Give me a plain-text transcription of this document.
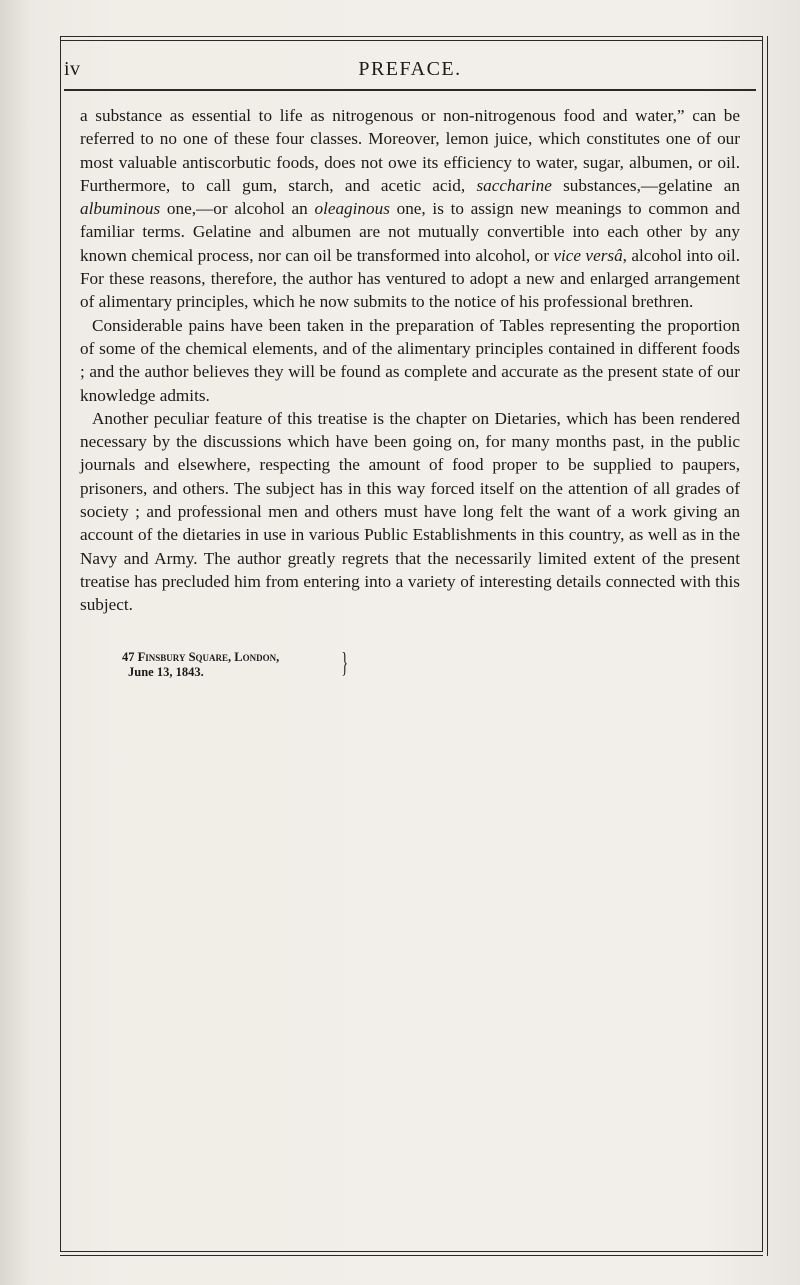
iv	PREFACE.

a substance as essential to life as nitrogenous or non-nitrogenous food and water,” can be referred to no one of these four classes. Moreover, lemon juice, which constitutes one of our most valuable antiscorbutic foods, does not owe its efficiency to water, sugar, albumen, or oil. Furthermore, to call gum, starch, and acetic acid, saccharine substances,—gelatine an albuminous one,—or alcohol an oleaginous one, is to assign new meanings to common and familiar terms. Gelatine and albumen are not mutually convertible into each other by any known chemical process, nor can oil be transformed into alcohol, or vice versâ, alcohol into oil. For these reasons, therefore, the author has ventured to adopt a new and enlarged arrangement of alimentary principles, which he now submits to the notice of his professional brethren.

Considerable pains have been taken in the preparation of Tables representing the proportion of some of the chemical elements, and of the alimentary principles contained in different foods ; and the author believes they will be found as complete and accurate as the present state of our knowledge admits.

Another peculiar feature of this treatise is the chapter on Dietaries, which has been rendered necessary by the discussions which have been going on, for many months past, in the public journals and elsewhere, respecting the amount of food proper to be supplied to paupers, prisoners, and others. The subject has in this way forced itself on the attention of all grades of society ; and professional men and others must have long felt the want of a work giving an account of the dietaries in use in various Public Establishments in this country, as well as in the Navy and Army. The author greatly regrets that the necessarily limited extent of the present treatise has precluded him from entering into a variety of interesting details connected with this subject.

47 Finsbury Square, London,
June 13, 1843.	}
